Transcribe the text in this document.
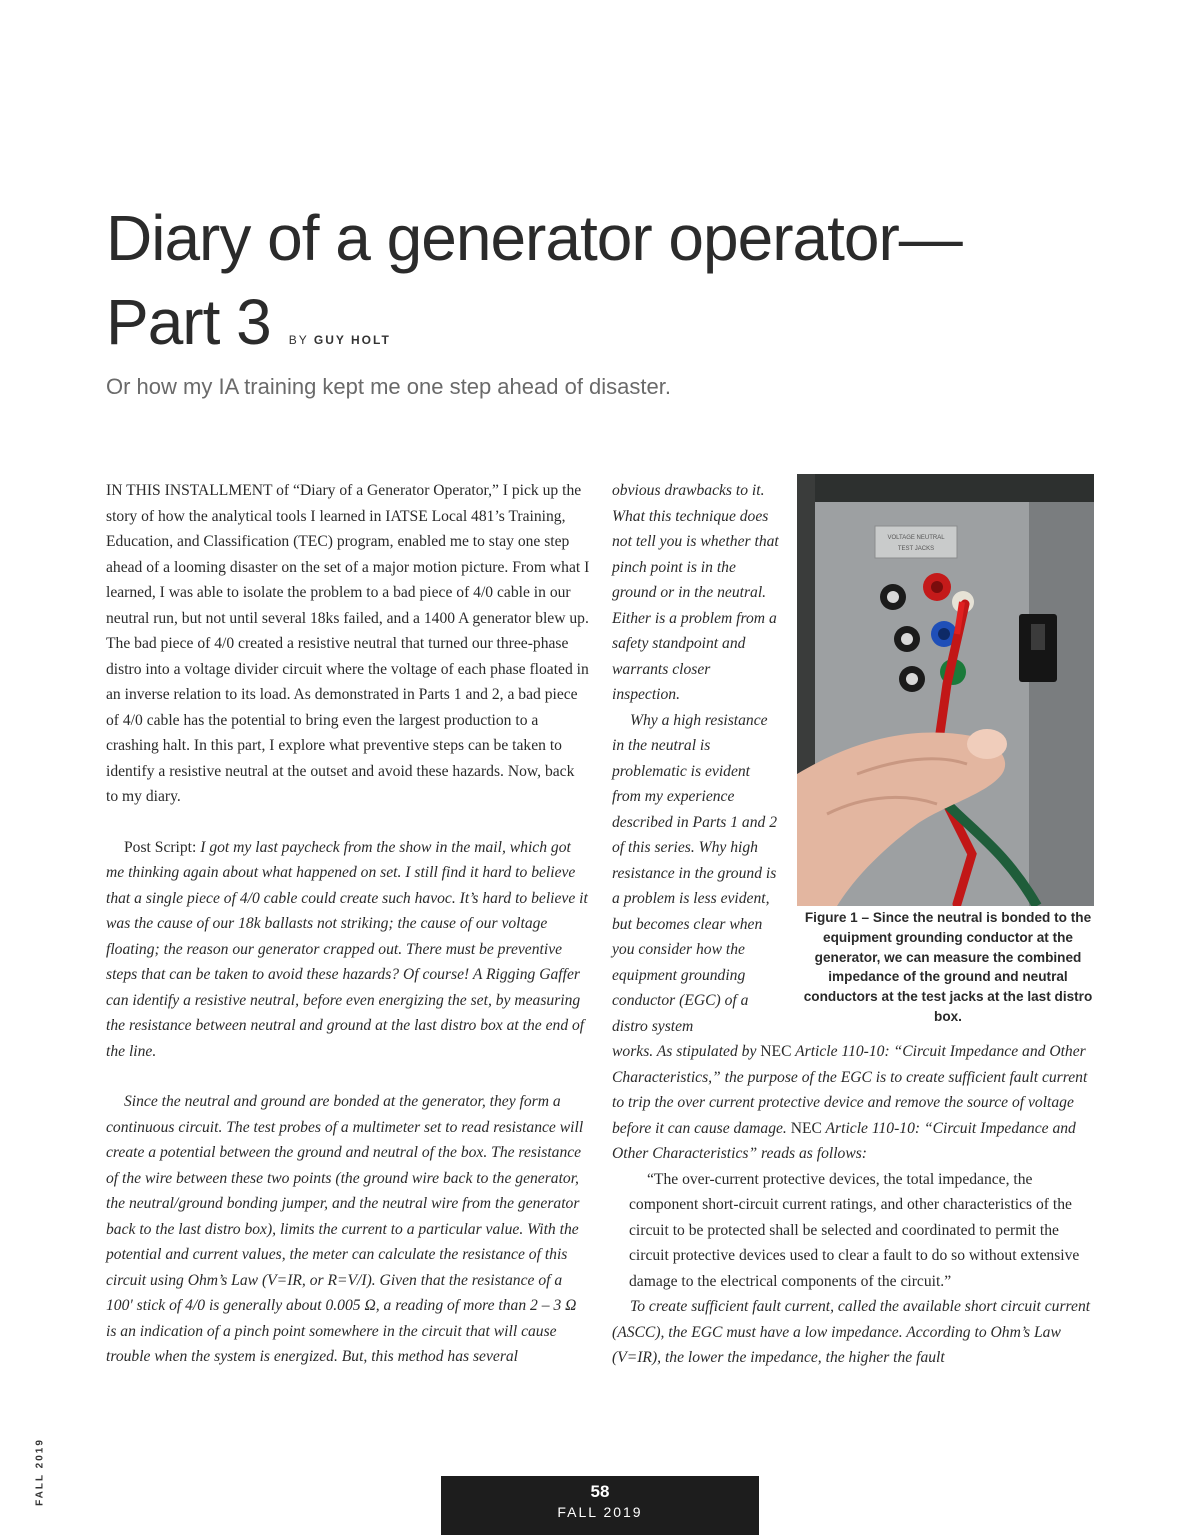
Diary of a generator operator—
Part 3 BY GUY HOLT

Or how my IA training kept me one step ahead of disaster.

IN THIS INSTALLMENT of “Diary of a Generator Operator,” I pick up the story of how the analytical tools I learned in IATSE Local 481’s Training, Education, and Classification (TEC) program, enabled me to stay one step ahead of a looming disaster on the set of a major motion picture. From what I learned, I was able to isolate the problem to a bad piece of 4/0 cable in our neutral run, but not until several 18ks failed, and a 1400 A generator blew up. The bad piece of 4/0 created a resistive neutral that turned our three-phase distro into a voltage divider circuit where the voltage of each phase floated in an inverse relation to its load. As demonstrated in Parts 1 and 2, a bad piece of 4/0 cable has the potential to bring even the largest production to a crashing halt. In this part, I explore what preventive steps can be taken to identify a resistive neutral at the outset and avoid these hazards. Now, back to my diary.

Post Script: I got my last paycheck from the show in the mail, which got me thinking again about what happened on set. I still find it hard to believe that a single piece of 4/0 cable could create such havoc. It’s hard to believe it was the cause of our 18k ballasts not striking; the cause of our voltage floating; the reason our generator crapped out. There must be preventive steps that can be taken to avoid these hazards? Of course! A Rigging Gaffer can identify a resistive neutral, before even energizing the set, by measuring the resistance between neutral and ground at the last distro box at the end of the line.

Since the neutral and ground are bonded at the generator, they form a continuous circuit. The test probes of a multimeter set to read resistance will create a potential between the ground and neutral of the box. The resistance of the wire between these two points (the ground wire back to the generator, the neutral/ground bonding jumper, and the neutral wire from the generator back to the last distro box), limits the current to a particular value. With the potential and current values, the meter can calculate the resistance of this circuit using Ohm’s Law (V=IR, or R=V/I). Given that the resistance of a 100' stick of 4/0 is generally about 0.005 Ω, a reading of more than 2 – 3 Ω is an indication of a pinch point somewhere in the circuit that will cause trouble when the system is energized. But, this method has several

obvious drawbacks to it. What this technique does not tell you is whether that pinch point is in the ground or in the neutral. Either is a problem from a safety standpoint and warrants closer inspection.

Why a high resistance in the neutral is problematic is evident from my experience described in Parts 1 and 2 of this series. Why high resistance in the ground is a problem is less evident, but becomes clear when you consider how the equipment grounding conductor (EGC) of a distro system

works. As stipulated by NEC Article 110-10: “Circuit Impedance and Other Characteristics,” the purpose of the EGC is to create sufficient fault current to trip the over current protective device and remove the source of voltage before it can cause damage. NEC Article 110-10: “Circuit Impedance and Other Characteristics” reads as follows:

“The over-current protective devices, the total impedance, the component short-circuit current ratings, and other characteristics of the circuit to be protected shall be selected and coordinated to permit the circuit protective devices used to clear a fault to do so without extensive damage to the electrical components of the circuit.”

To create sufficient fault current, called the available short circuit current (ASCC), the EGC must have a low impedance. According to Ohm’s Law (V=IR), the lower the impedance, the higher the fault

VOLTAGE NEUTRAL
TEST JACKS
Figure 1 – Since the neutral is bonded to the equipment grounding conductor at the generator, we can measure the combined impedance of the ground and neutral conductors at the test jacks at the last distro box.
FALL 2019	58
FALL 2019
